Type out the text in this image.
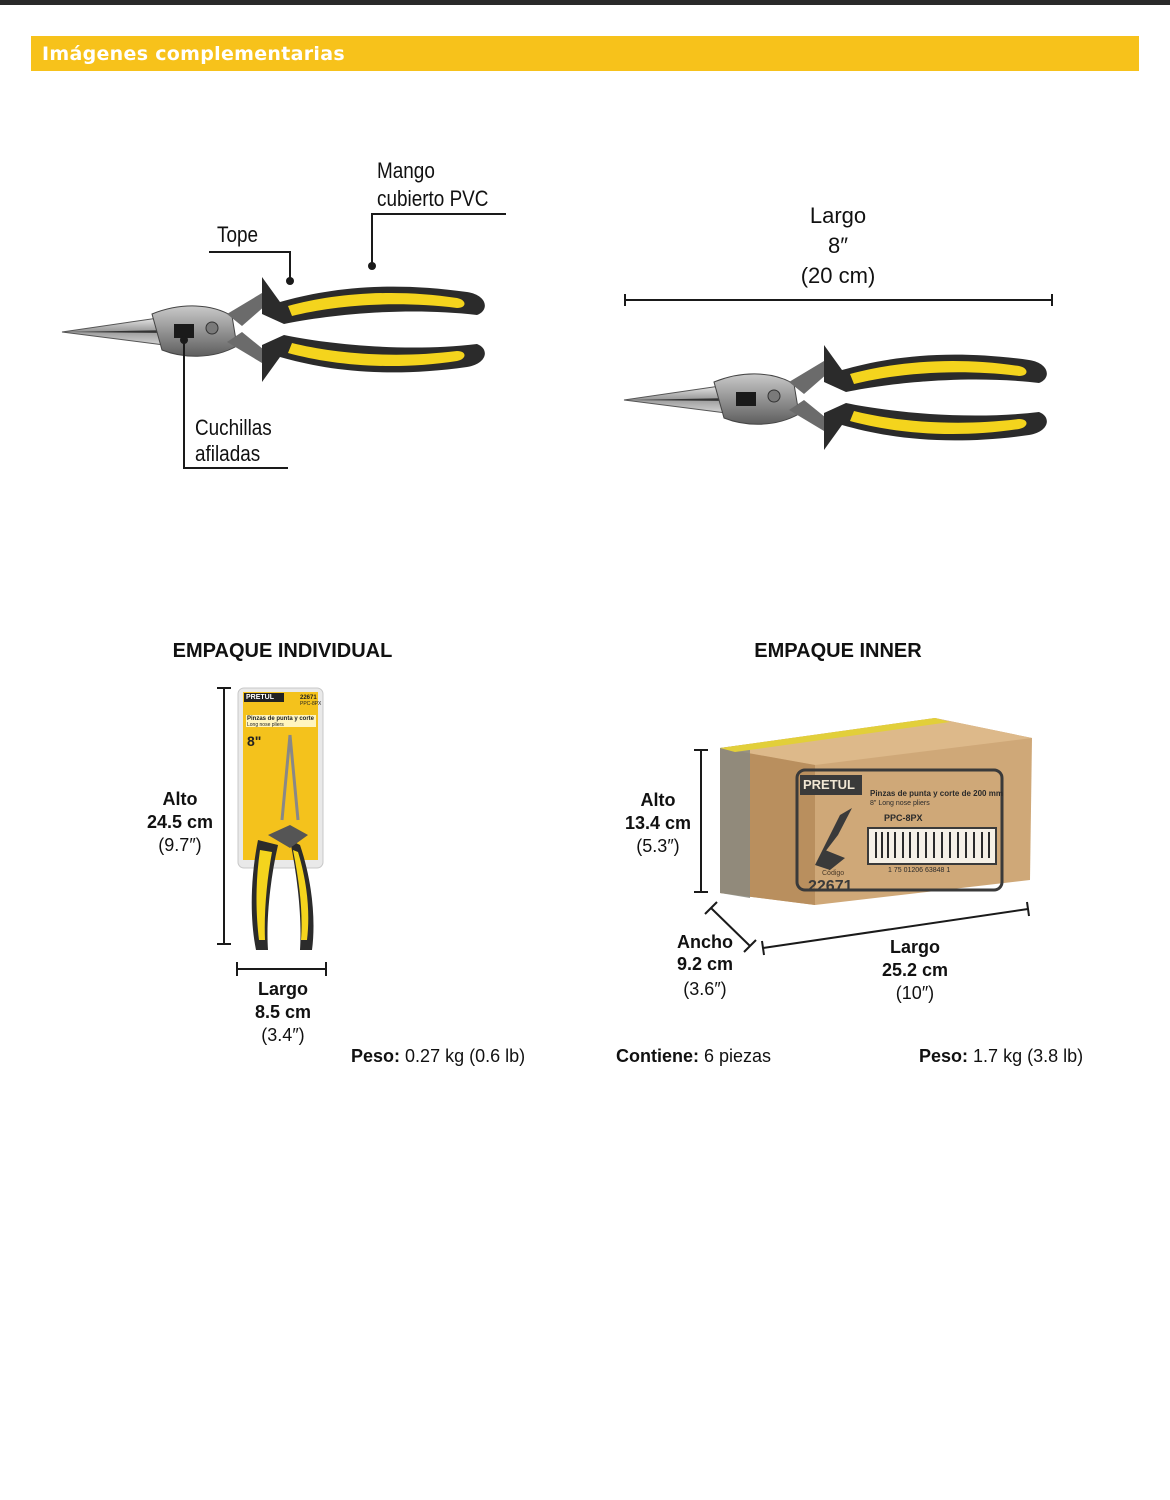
Imágenes complementarias
PRETUL	22671
PPC-8PX
Pinzas de punta y corte
Long nose pliers
8"
PRETUL
Pinzas de punta y corte de 200 mm
8" Long nose pliers
PPC-8PX
1 75 01206 63848 1
Código
22671
Mango
cubierto PVC
Tope
Cuchillas
afiladas
Largo
8″
(20 cm)
EMPAQUE INDIVIDUAL
Alto
24.5 cm
(9.7″)
Largo
8.5 cm
(3.4″)
Peso: 0.27 kg (0.6 lb)
EMPAQUE INNER
Alto
13.4 cm
(5.3″)
Ancho
9.2 cm
(3.6″)
Largo
25.2 cm
(10″)
Contiene: 6 piezas	Peso: 1.7 kg (3.8 lb)
